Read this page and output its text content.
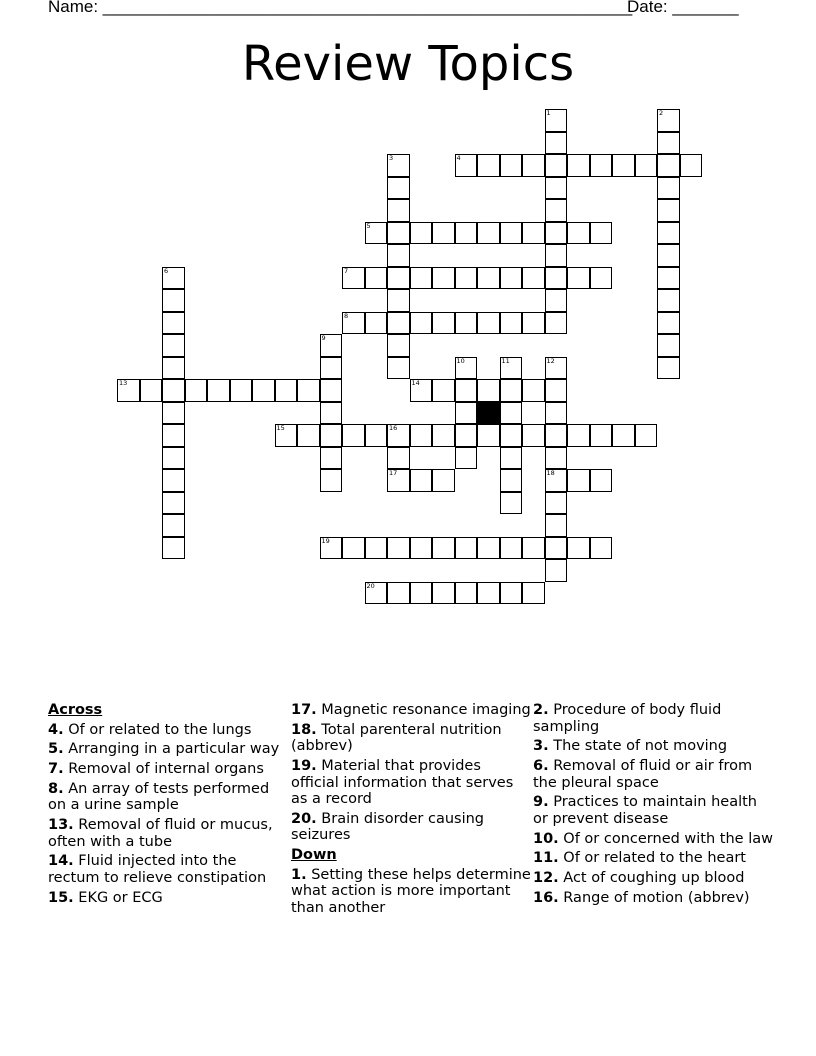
Name: ________________________________________________________
Date: _______
Review Topics
4
5
7
8
13	14
15	16
17	18
19
20
1	2
3
6
9
10	11	12
Across
4. Of or related to the lungs
5. Arranging in a particular way
7. Removal of internal organs
8. An array of tests performed on a urine sample
13. Removal of fluid or mucus, often with a tube
14. Fluid injected into the rectum to relieve constipation
15. EKG or ECG
17. Magnetic resonance imaging
18. Total parenteral nutrition (abbrev)
19. Material that provides official information that serves as a record
20. Brain disorder causing seizures
Down
1. Setting these helps determine what action is more important than another
2. Procedure of body fluid sampling
3. The state of not moving
6. Removal of fluid or air from the pleural space
9. Practices to maintain health or prevent disease
10. Of or concerned with the law
11. Of or related to the heart
12. Act of coughing up blood
16. Range of motion (abbrev)
